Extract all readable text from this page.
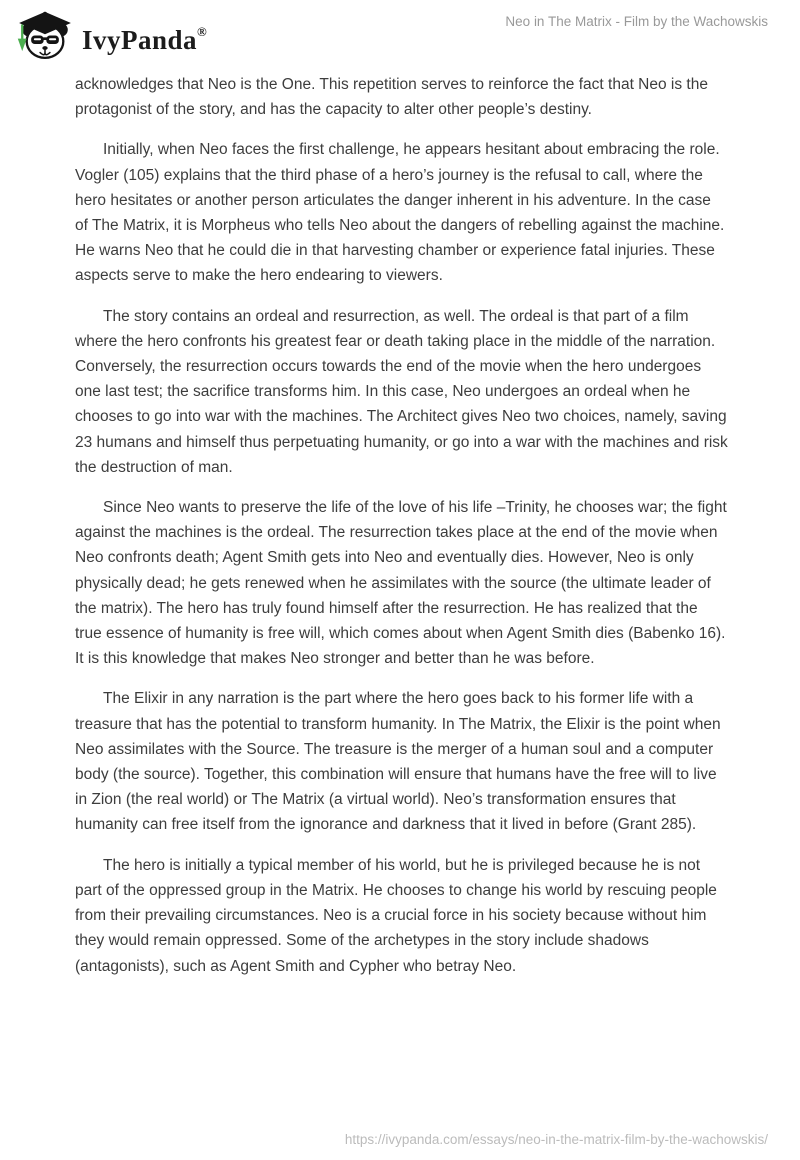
IvyPanda®
Neo in The Matrix - Film by the Wachowskis

acknowledges that Neo is the One. This repetition serves to reinforce the fact that Neo is the protagonist of the story, and has the capacity to alter other people’s destiny.

Initially, when Neo faces the first challenge, he appears hesitant about embracing the role. Vogler (105) explains that the third phase of a hero’s journey is the refusal to call, where the hero hesitates or another person articulates the danger inherent in his adventure. In the case of The Matrix, it is Morpheus who tells Neo about the dangers of rebelling against the machine. He warns Neo that he could die in that harvesting chamber or experience fatal injuries. These aspects serve to make the hero endearing to viewers.

The story contains an ordeal and resurrection, as well. The ordeal is that part of a film where the hero confronts his greatest fear or death taking place in the middle of the narration. Conversely, the resurrection occurs towards the end of the movie when the hero undergoes one last test; the sacrifice transforms him. In this case, Neo undergoes an ordeal when he chooses to go into war with the machines. The Architect gives Neo two choices, namely, saving 23 humans and himself thus perpetuating humanity, or go into a war with the machines and risk the destruction of man.

Since Neo wants to preserve the life of the love of his life –Trinity, he chooses war; the fight against the machines is the ordeal. The resurrection takes place at the end of the movie when Neo confronts death; Agent Smith gets into Neo and eventually dies. However, Neo is only physically dead; he gets renewed when he assimilates with the source (the ultimate leader of the matrix). The hero has truly found himself after the resurrection. He has realized that the true essence of humanity is free will, which comes about when Agent Smith dies (Babenko 16). It is this knowledge that makes Neo stronger and better than he was before.

The Elixir in any narration is the part where the hero goes back to his former life with a treasure that has the potential to transform humanity. In The Matrix, the Elixir is the point when Neo assimilates with the Source. The treasure is the merger of a human soul and a computer body (the source). Together, this combination will ensure that humans have the free will to live in Zion (the real world) or The Matrix (a virtual world). Neo’s transformation ensures that humanity can free itself from the ignorance and darkness that it lived in before (Grant 285).

The hero is initially a typical member of his world, but he is privileged because he is not part of the oppressed group in the Matrix. He chooses to change his world by rescuing people from their prevailing circumstances. Neo is a crucial force in his society because without him they would remain oppressed. Some of the archetypes in the story include shadows (antagonists), such as Agent Smith and Cypher who betray Neo.

https://ivypanda.com/essays/neo-in-the-matrix-film-by-the-wachowskis/
